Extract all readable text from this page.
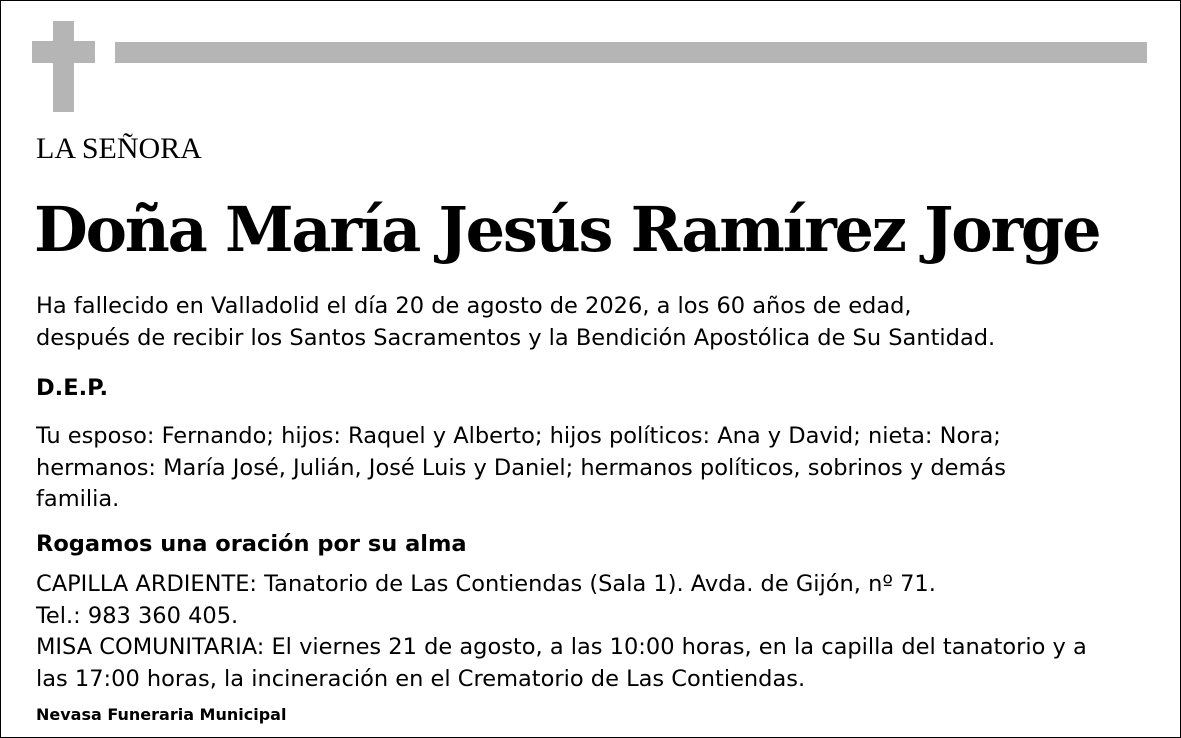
LA SEÑORA
Doña María Jesús Ramírez Jorge
Ha fallecido en Valladolid el día 20 de agosto de 2026, a los 60 años de edad,
después de recibir los Santos Sacramentos y la Bendición Apostólica de Su Santidad.
D.E.P.
Tu esposo: Fernando; hijos: Raquel y Alberto; hijos políticos: Ana y David; nieta: Nora;
hermanos: María José, Julián, José Luis y Daniel; hermanos políticos, sobrinos y demás
familia.
Rogamos una oración por su alma
CAPILLA ARDIENTE: Tanatorio de Las Contiendas (Sala 1). Avda. de Gijón, nº 71.
Tel.: 983 360 405.
MISA COMUNITARIA: El viernes 21 de agosto, a las 10:00 horas, en la capilla del tanatorio y a
las 17:00 horas, la incineración en el Crematorio de Las Contiendas.
Nevasa Funeraria Municipal
